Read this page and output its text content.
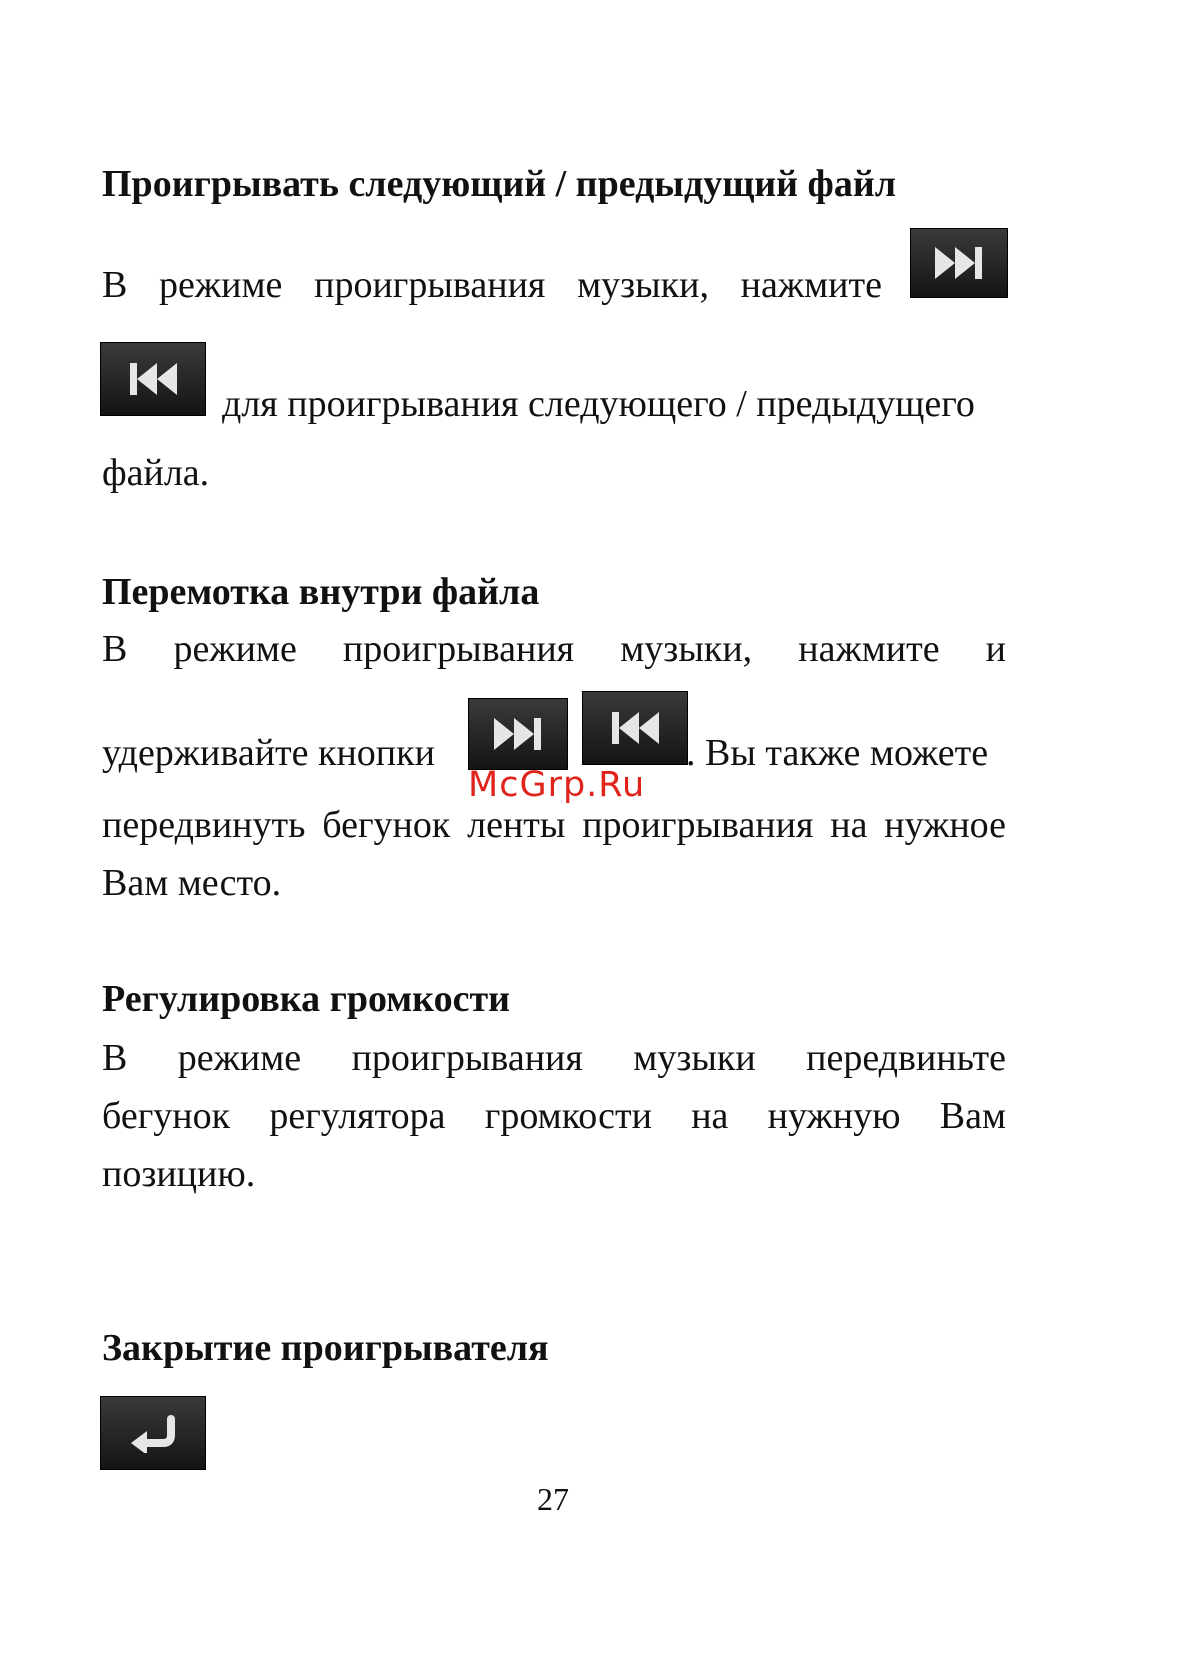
Проигрывать следующий / предыдущий файл
В режиме проигрывания музыки, нажмите
для проигрывания следующего / предыдущего
файла.
Перемотка внутри файла
В режиме проигрывания музыки, нажмите и
удерживайте кнопки	. Вы также можете
McGrp.Ru
передвинуть бегунок ленты проигрывания на нужное
Вам место.
Регулировка громкости
В режиме проигрывания музыки передвиньте
бегунок регулятора громкости на нужную Вам
позицию.
Закрытие проигрывателя
27
